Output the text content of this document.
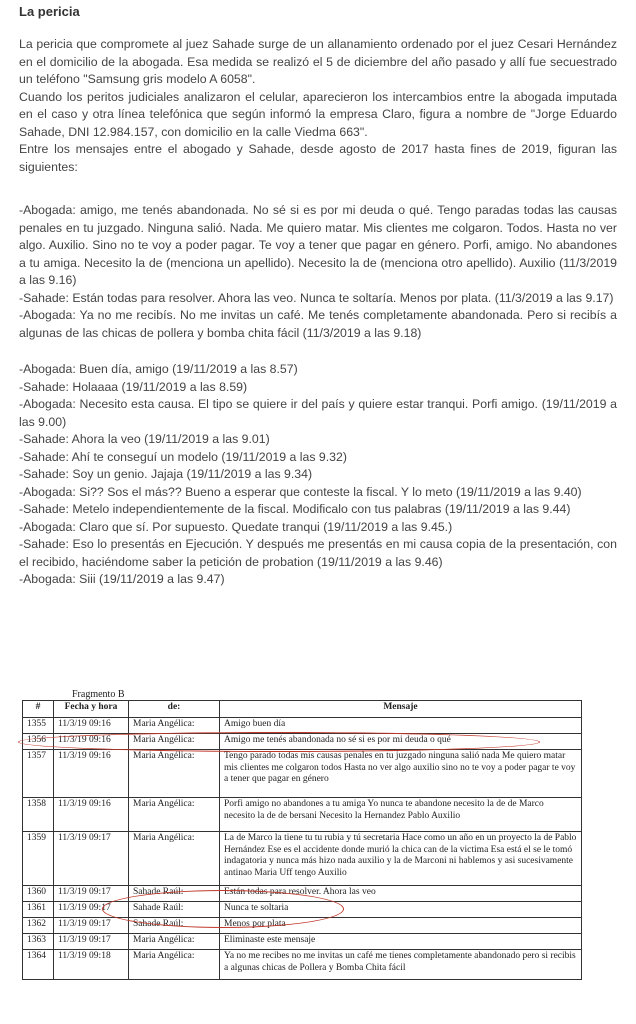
La pericia

La pericia que compromete al juez Sahade surge de un allanamiento ordenado por el juez Cesari Hernández en el domicilio de la abogada. Esa medida se realizó el 5 de diciembre del año pasado y allí fue secuestrado un teléfono "Samsung gris modelo A 6058".

Cuando los peritos judiciales analizaron el celular, aparecieron los intercambios entre la abogada imputada en el caso y otra línea telefónica que según informó la empresa Claro, figura a nombre de "Jorge Eduardo Sahade, DNI 12.984.157, con domicilio en la calle Viedma 663".

Entre los mensajes entre el abogado y Sahade, desde agosto de 2017 hasta fines de 2019, figuran las siguientes:

-Abogada: amigo, me tenés abandonada. No sé si es por mi deuda o qué. Tengo paradas todas las causas penales en tu juzgado. Ninguna salió. Nada. Me quiero matar. Mis clientes me colgaron. Todos. Hasta no ver algo. Auxilio. Sino no te voy a poder pagar. Te voy a tener que pagar en género. Porfi, amigo. No abandones a tu amiga. Necesito la de (menciona un apellido). Necesito la de (menciona otro apellido). Auxilio (11/3/2019 a las 9.16)

-Sahade: Están todas para resolver. Ahora las veo. Nunca te soltaría. Menos por plata. (11/3/2019 a las 9.17)

-Abogada: Ya no me recibís. No me invitas un café. Me tenés completamente abandonada. Pero si recibís a algunas de las chicas de pollera y bomba chita fácil (11/3/2019 a las 9.18)

-Abogada: Buen día, amigo (19/11/2019 a las 8.57)

-Sahade: Holaaaa (19/11/2019 a las 8.59)

-Abogada: Necesito esta causa. El tipo se quiere ir del país y quiere estar tranqui. Porfi amigo. (19/11/2019 a las 9.00)

-Sahade: Ahora la veo (19/11/2019 a las 9.01)

-Sahade: Ahí te conseguí un modelo (19/11/2019 a las 9.32)

-Sahade: Soy un genio. Jajaja (19/11/2019 a las 9.34)

-Abogada: Si?? Sos el más?? Bueno a esperar que conteste la fiscal. Y lo meto (19/11/2019 a las 9.40)

-Sahade: Metelo independientemente de la fiscal. Modificalo con tus palabras (19/11/2019 a las 9.44)

-Abogada: Claro que sí. Por supuesto. Quedate tranqui (19/11/2019 a las 9.45.)

-Sahade: Eso lo presentás en Ejecución. Y después me presentás en mi causa copia de la presentación, con el recibido, haciéndome saber la petición de probation (19/11/2019 a las 9.46)

-Abogada: Siii (19/11/2019 a las 9.47)

Fragmento B
#	Fecha y hora	de:	Mensaje
1355	11/3/19 09:16	Maria Angélica:	Amigo buen día
1356	11/3/19 09:16	Maria Angélica:	Amigo me tenés abandonada no sé si es por mi deuda o qué
1357	11/3/19 09:16	Maria Angélica:	Tengo parado todas mis causas penales en tu juzgado ninguna salió nada Me quiero matar mis clientes me colgaron todos Hasta no ver algo auxilio sino no te voy a poder pagar te voy a tener que pagar en género
1358	11/3/19 09:16	Maria Angélica:	Porfi amigo no abandones a tu amiga Yo nunca te abandone necesito la de de Marco necesito la de de bersani Necesito la Hernandez Pablo Auxilio
1359	11/3/19 09:17	Maria Angélica:	La de Marco la tiene tu tu rubia y tú secretaria Hace como un año en un proyecto la de Pablo Hernández Ese es el accidente donde murió la chica can de la victima Esa está el se le tomó indagatoria y nunca más hizo nada auxilio y la de Marconi ni hablemos y asi sucesivamente antinao Maria Uff tengo Auxilio
1360	11/3/19 09:17	Sahade Raúl:	Están todas para resolver. Ahora las veo
1361	11/3/19 09:17	Sahade Raúl:	Nunca te soltaria
1362	11/3/19 09:17	Sahade Raúl:	Menos por plata
1363	11/3/19 09:17	Maria Angélica:	Eliminaste este mensaje
1364	11/3/19 09:18	Maria Angélica:	Ya no me recibes no me invitas un café me tienes completamente abandonado pero si recibis a algunas chicas de Pollera y Bomba Chita fácil
